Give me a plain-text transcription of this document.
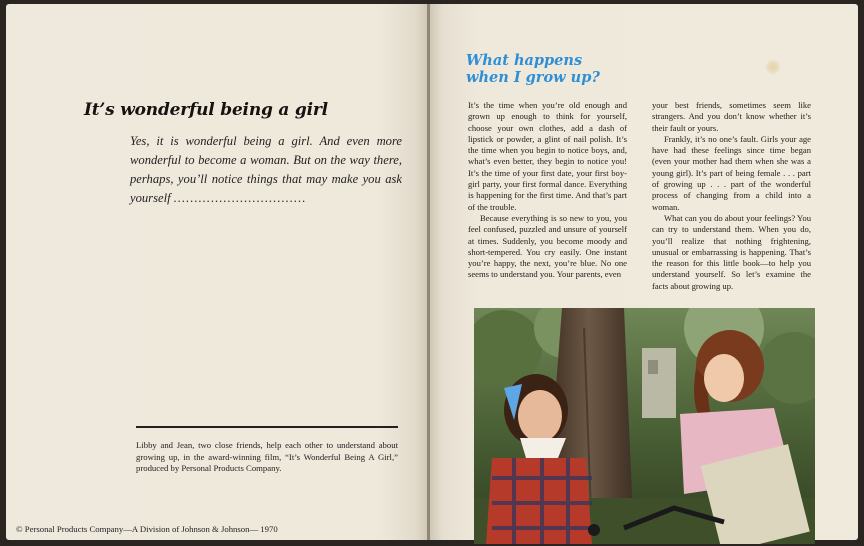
It’s wonderful being a girl
Yes, it is wonderful being a girl. And even more wonderful to become a woman. But on the way there, perhaps, you’ll notice things that may make you ask yourself ................................
Libby and Jean, two close friends, help each other to understand about growing up, in the award-winning film, “It’s Wonderful Being A Girl,” produced by Personal Products Company.
© Personal Products Company—A Division of Johnson & Johnson— 1970
What happens
when I grow up?

It’s the time when you’re old enough and grown up enough to think for yourself, choose your own clothes, add a dash of lipstick or powder, a glint of nail polish. It’s the time when you begin to notice boys, and, what’s even better, they begin to notice you! It’s the time of your first date, your first boy-girl party, your first formal dance. Everything is happening for the first time. And that’s part of the trouble.

Because everything is so new to you, you feel confused, puzzled and unsure of yourself at times. Suddenly, you become moody and short-tempered. You cry easily. One instant you’re happy, the next, you’re blue. No one seems to understand you. Your parents, even

your best friends, sometimes seem like strangers. And you don’t know whether it’s their fault or yours.

Frankly, it’s no one’s fault. Girls your age have had these feelings since time began (even your mother had them when she was a young girl). It’s part of being female . . . part of growing up . . . part of the wonderful process of changing from a child into a woman.

What can you do about your feelings? You can try to understand them. When you do, you’ll realize that nothing frightening, unusual or embarrassing is happening. That’s the reason for this little book—to help you understand yourself. So let’s examine the facts about growing up.
